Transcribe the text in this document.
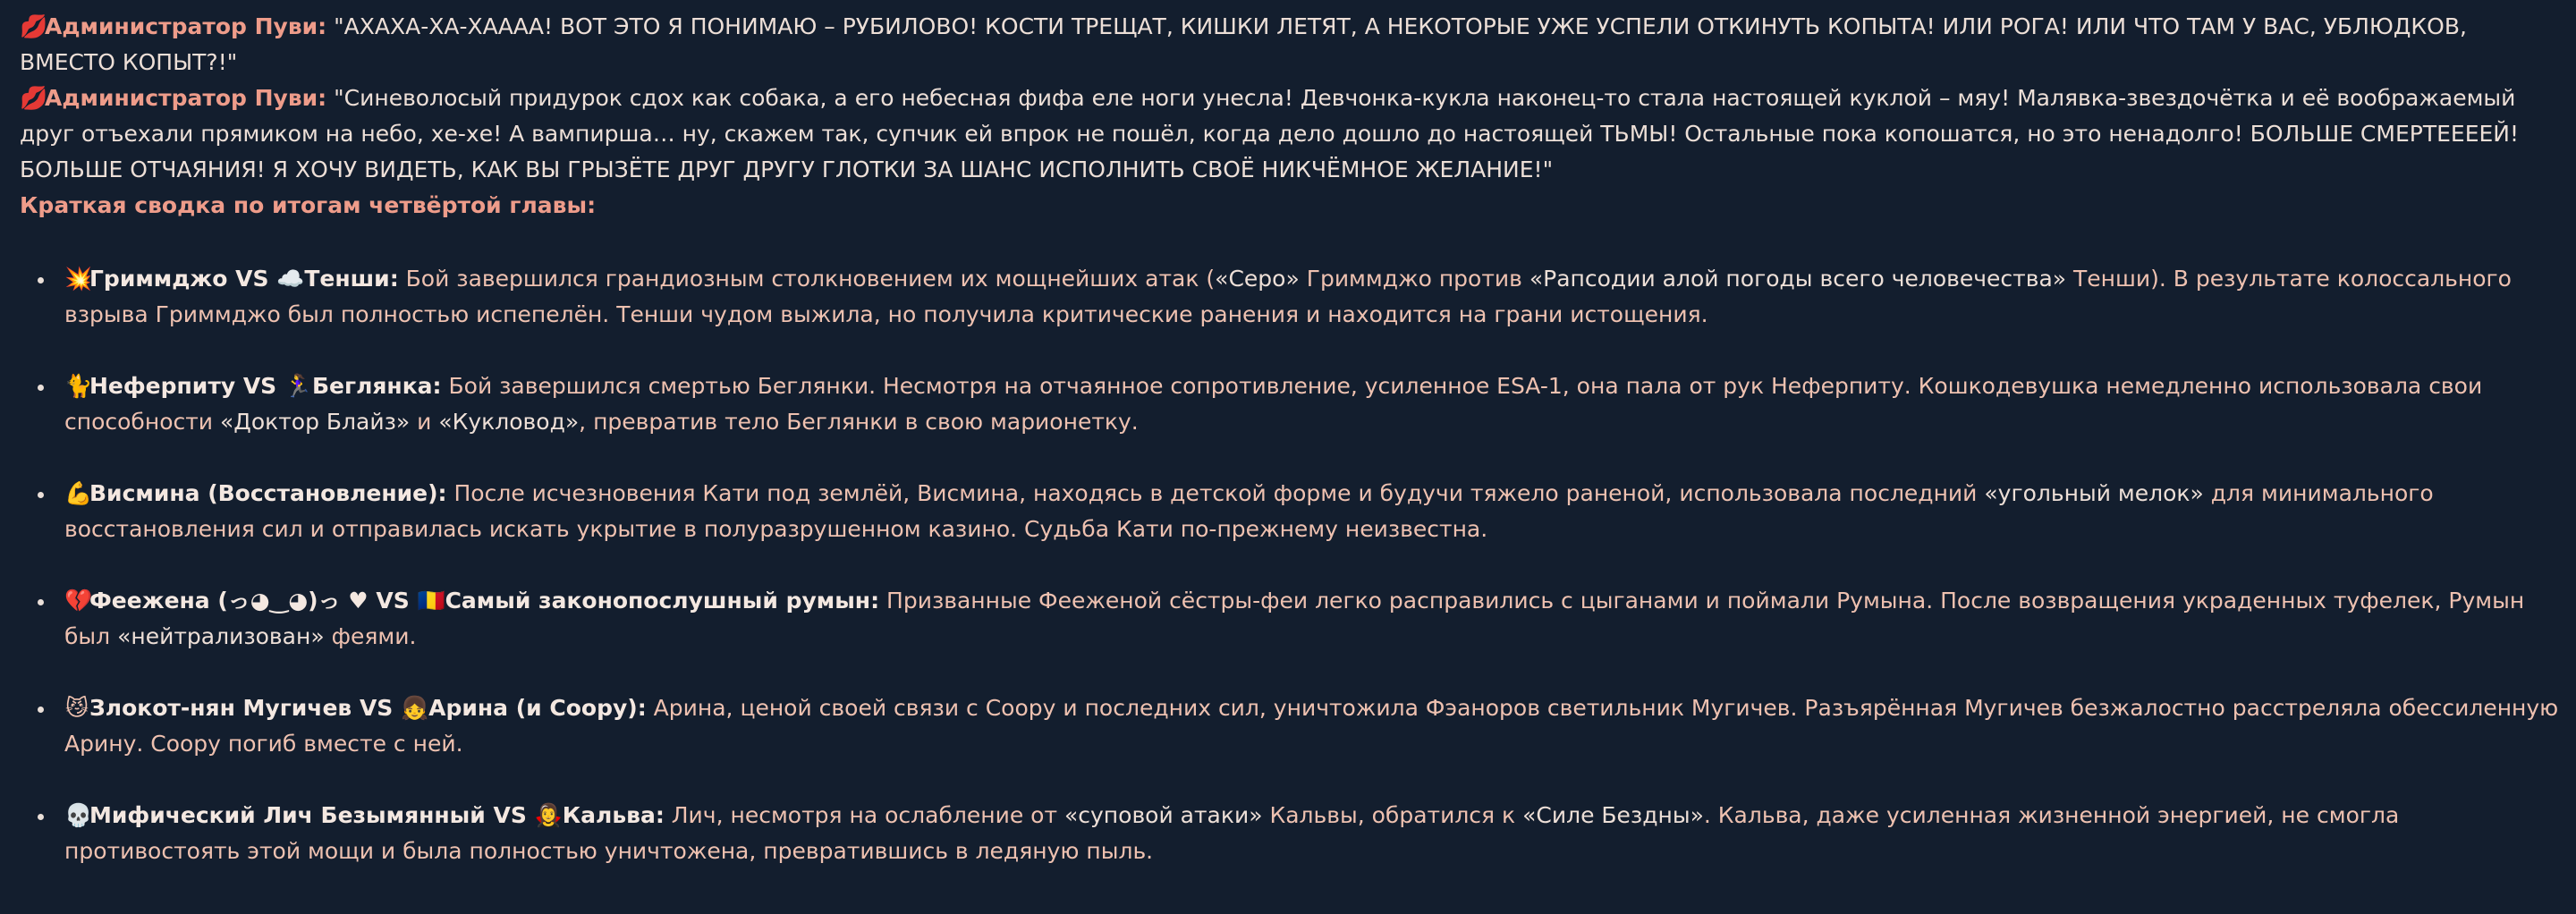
💋Администратор Пуви: "АХАХА-ХА-ХАААА! ВОТ ЭТО Я ПОНИМАЮ – РУБИЛОВО! КОСТИ ТРЕЩАТ, КИШКИ ЛЕТЯТ, А НЕКОТОРЫЕ УЖЕ УСПЕЛИ ОТКИНУТЬ КОПЫТА! ИЛИ РОГА! ИЛИ ЧТО ТАМ У ВАС, УБЛЮДКОВ, ВМЕСТО КОПЫТ?!"

💋Администратор Пуви: "Синеволосый придурок сдох как собака, а его небесная фифа еле ноги унесла! Девчонка-кукла наконец-то стала настоящей куклой – мяу! Малявка-звездочётка и её воображаемый друг отъехали прямиком на небо, хе-хе! А вампирша… ну, скажем так, супчик ей впрок не пошёл, когда дело дошло до настоящей ТЬМЫ! Остальные пока копошатся, но это ненадолго! БОЛЬШЕ СМЕРТЕЕЕЕЙ! БОЛЬШЕ ОТЧАЯНИЯ! Я ХОЧУ ВИДЕТЬ, КАК ВЫ ГРЫЗЁТЕ ДРУГ ДРУГУ ГЛОТКИ ЗА ШАНС ИСПОЛНИТЬ СВОЁ НИКЧЁМНОЕ ЖЕЛАНИЕ!"

Краткая сводка по итогам четвёртой главы:

💥Гриммджо VS ☁️Тенши: Бой завершился грандиозным столкновением их мощнейших атак («Серо» Гриммджо против «Рапсодии алой погоды всего человечества» Тенши). В результате колоссального взрыва Гриммджо был полностью испепелён. Тенши чудом выжила, но получила критические ранения и находится на грани истощения.
🐈Неферпиту VS 🏃‍♀️Беглянка: Бой завершился смертью Беглянки. Несмотря на отчаянное сопротивление, усиленное ESA-1, она пала от рук Неферпиту. Кошкодевушка немедленно использовала свои способности «Доктор Блайз» и «Кукловод», превратив тело Беглянки в свою марионетку.
💪Висмина (Восстановление): После исчезновения Кати под землёй, Висмина, находясь в детской форме и будучи тяжело раненой, использовала последний «угольный мелок» для минимального восстановления сил и отправилась искать укрытие в полуразрушенном казино. Судьба Кати по-прежнему неизвестна.
💔Феежена (っ◕‿◕)っ ♥ VS 🇷🇴Самый законопослушный румын: Призванные Фееженой сёстры-феи легко расправились с цыганами и поймали Румына. После возвращения украденных туфелек, Румын был «нейтрализован» феями.
😼Злокот-нян Мугичев VS 👧Арина (и Соору): Арина, ценой своей связи с Соору и последних сил, уничтожила Фэаноров светильник Мугичев. Разъярённая Мугичев безжалостно расстреляла обессиленную Арину. Соору погиб вместе с ней.
💀Мифический Лич Безымянный VS 🧛‍♀️Кальва: Лич, несмотря на ослабление от «суповой атаки» Кальвы, обратился к «Силе Бездны». Кальва, даже усиленная жизненной энергией, не смогла противостоять этой мощи и была полностью уничтожена, превратившись в ледяную пыль.
